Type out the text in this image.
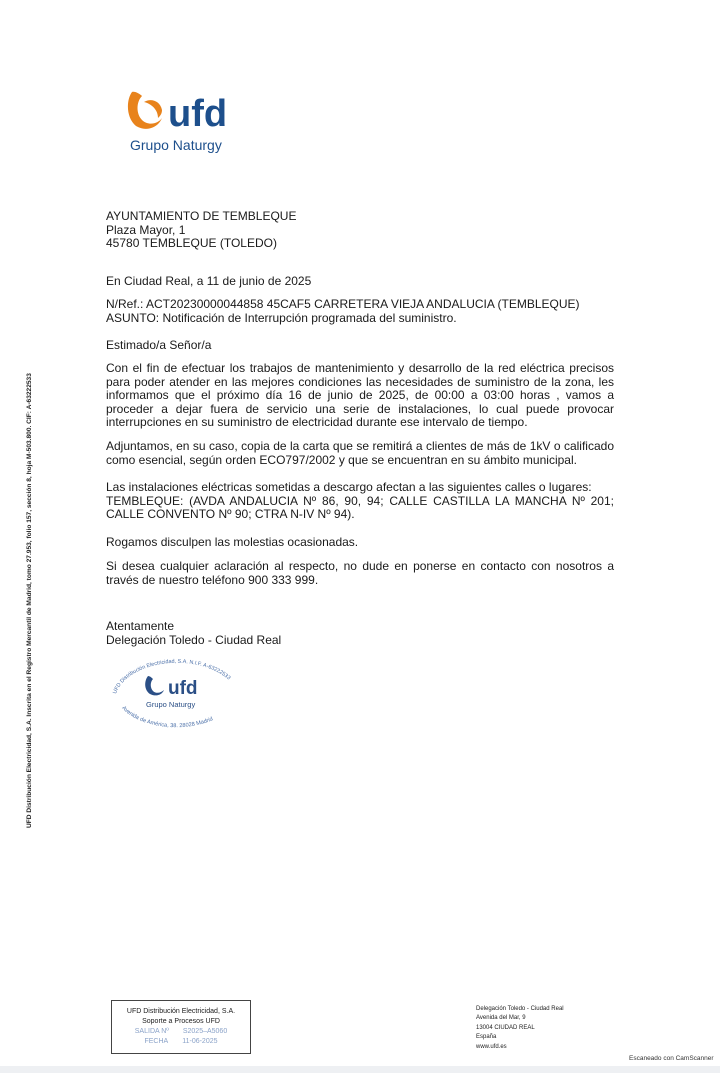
ufd
Grupo Naturgy
AYUNTAMIENTO DE TEMBLEQUE
Plaza Mayor, 1
45780 TEMBLEQUE (TOLEDO)
En Ciudad Real, a 11 de junio de 2025
N/Ref.: ACT20230000044858 45CAF5 CARRETERA VIEJA ANDALUCIA (TEMBLEQUE)
ASUNTO: Notificación de Interrupción programada del suministro.
Estimado/a Señor/a
Con el fin de efectuar los trabajos de mantenimiento y desarrollo de la red eléctrica precisos para poder atender en las mejores condiciones las necesidades de suministro de la zona, les informamos que el próximo día 16 de junio de 2025, de 00:00 a 03:00 horas , vamos a proceder a dejar fuera de servicio una serie de instalaciones, lo cual puede provocar interrupciones en su suministro de electricidad durante ese intervalo de tiempo.
Adjuntamos, en su caso, copia de la carta que se remitirá a clientes de más de 1kV o calificado como esencial, según orden ECO797/2002 y que se encuentran en su ámbito municipal.
Las instalaciones eléctricas sometidas a descargo afectan a las siguientes calles o lugares:
TEMBLEQUE: (AVDA ANDALUCIA Nº 86, 90, 94; CALLE CASTILLA LA MANCHA Nº 201; CALLE CONVENTO Nº 90; CTRA N-IV Nº 94).
Rogamos disculpen las molestias ocasionadas.
Si desea cualquier aclaración al respecto, no dude en ponerse en contacto con nosotros a través de nuestro teléfono 900 333 999.
Atentamente
Delegación Toledo - Ciudad Real
UFD Distribución Electricidad, S.A. N.I.F. A-63222533
Avenida de América, 38. 28028 Madrid
ufd
Grupo Naturgy
UFD Distribución Electricidad, S.A. Inscrita en el Registro Mercantil de Madrid, tomo 27.953, folio 157, sección 8, hoja M-503.800. CIF: A-63222533
UFD Distribución Electricidad, S.A.
Soporte a Procesos UFD
SALIDA Nº S2025–A5060
FECHA 11-06-2025
Delegación Toledo - Ciudad Real
Avenida del Mar, 9
13004 CIUDAD REAL
España
www.ufd.es
Escaneado con CamScanner
